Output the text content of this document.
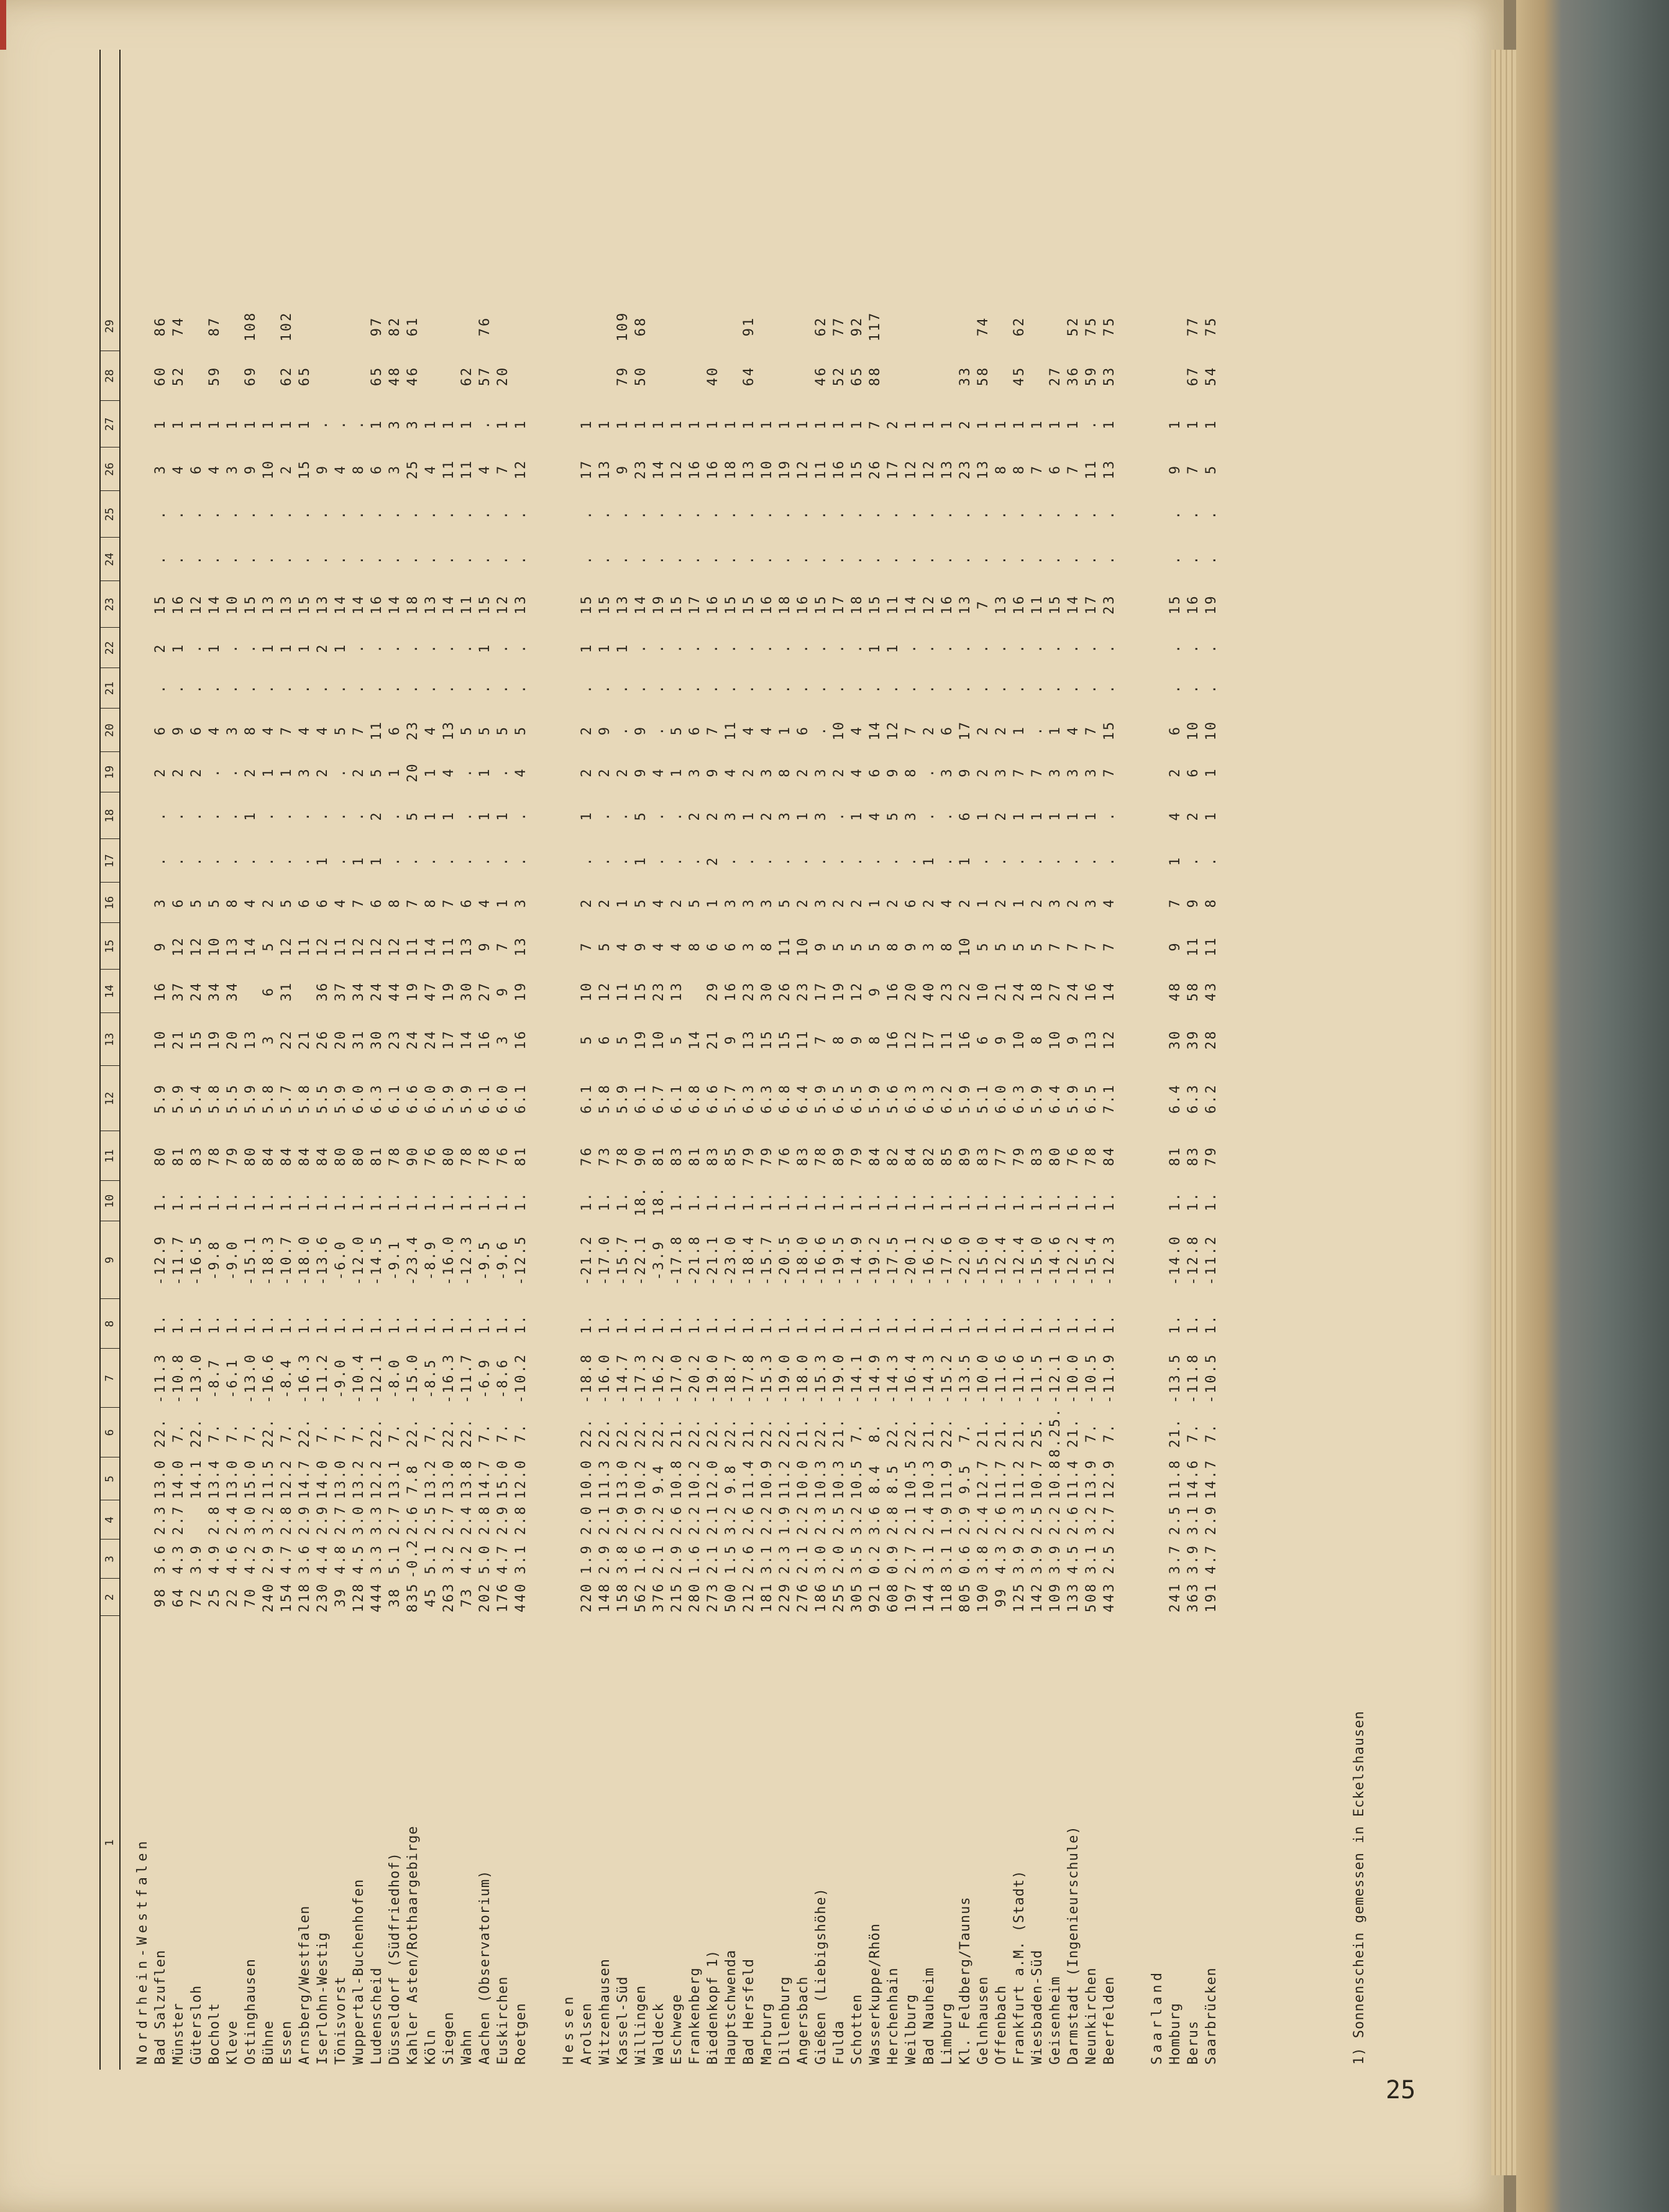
1
2
3
4
5
6
7
8
9
10
11
12
13
14
15
16
17
18
19
20
21
22
23
24
25
26
27
28
29
Nordrhein-Westfalen Bad Salzuflen
98
3.6
2.3
13.0
22.
-11.3
1.
-12.9
1.
80
5.9
10
16
9
3
.
.
2
6
.
2
15
.
.
3
1
60
86
Münster
64
4.3
2.7
14.0
7.
-10.8
1.
-11.7
1.
81
5.9
21
37
12
6
.
.
2
9
.
1
16
.
.
4
1
52
74
Gütersloh
72
3.9
14.1
22.
-13.0
1.
-16.5
1.
83
5.4
15
24
12
5
.
.
2
6
.
.
12
.
.
6
1
Bocholt
25
4.9
2.8
13.4
7.
-8.7
1.
-9.8
1.
78
5.8
19
34
10
5
.
.
.
4
.
1
14
.
.
4
1
59
87
Kleve
22
4.6
2.4
13.0
7.
-6.1
1.
-9.0
1.
79
5.5
20
34
13
8
.
.
.
3
.
.
10
.
.
3
1
Ostinghausen
70
4.2
3.0
15.0
7.
-13.0
1.
-15.1
1.
80
5.9
13
14
4
.
1
2
8
.
.
15
.
.
9
1
69
108
Bühne
240
2.9
3.2
11.5
22.
-16.6
1.
-18.3
1.
84
5.8
3
6
5
2
.
.
1
4
.
1
13
.
.
10
1
Essen
154
4.7
2.8
12.2
7.
-8.4
1.
-10.7
1.
84
5.7
22
31
12
5
.
.
1
7
.
1
13
.
.
2
1
62
102
Arnsberg/Westfalen
218
3.6
2.9
14.7
22.
-16.3
1.
-18.0
1.
84
5.8
21
11
6
.
.
3
4
.
1
15
.
.
15
1
65
Iserlohn-Westig
230
4.4
2.9
14.0
7.
-11.2
1.
-13.6
1.
84
5.5
26
36
12
6
1
.
2
4
.
2
13
.
.
9
.
Tönisvorst
39
4.8
2.7
13.0
7.
-9.0
1.
-6.0
1.
80
5.9
20
37
11
4
.
.
.
5
.
1
14
.
.
4
.
Wuppertal-Buchenhofen
128
4.5
3.0
13.2
7.
-10.4
1.
-12.0
1.
80
6.0
31
34
12
7
1
.
2
7
.
.
14
.
.
8
.
Ludenscheid
444
3.3
3.3
12.2
22.
-12.1
1.
-14.5
1.
81
6.3
30
24
12
6
1
2
5
11
.
.
16
.
.
6
1
65
97
Düsseldorf (Südfriedhof)
38
5.1
2.7
13.1
7.
-8.0
1.
-9.1
1.
78
6.1
23
44
12
8
.
.
1
6
.
.
14
.
.
3
3
48
82
Kahler Asten/Rothaargebirge
835
-0.2
2.6
7.8
22.
-15.0
1.
-23.4
1.
90
6.6
24
19
11
7
.
5
20
23
.
.
18
.
.
25
3
46
61
Köln
45
5.1
2.5
13.2
7.
-8.5
1.
-8.9
1.
76
6.0
24
47
14
8
.
1
1
4
.
.
13
.
.
4
1
Siegen
263
3.2
2.7
13.0
22.
-16.3
1.
-16.0
1.
80
5.9
17
19
11
7
.
1
4
13
.
.
14
.
.
11
1
Wahn
73
4.2
2.4
13.8
22.
-11.7
1.
-12.3
1.
78
5.9
14
30
13
6
.
.
.
5
.
.
11
.
.
11
1
62
Aachen (Observatorium)
202
5.0
2.8
14.7
7.
-6.9
1.
-9.5
1.
78
6.1
16
27
9
4
.
1
1
5
.
1
15
.
.
4
.
57
76
Euskirchen
176
4.7
2.9
15.0
7.
-8.6
1.
-9.6
1.
76
6.0
3
9
7
1
.
1
.
5
.
.
12
.
.
7
1
20
Roetgen
440
3.1
2.8
12.0
7.
-10.2
1.
-12.5
1.
81
6.1
16
19
13
3
.
.
4
5
.
.
13
.
.
12
1
Hessen Arolsen
220
1.9
2.0
10.0
22.
-18.8
1.
-21.2
1.
76
6.1
5
10
7
2
.
1
2
2
.
1
15
.
.
17
1
Witzenhausen
148
2.9
2.1
11.3
22.
-16.0
1.
-17.0
1.
73
5.8
6
12
5
2
.
.
2
9
.
1
15
.
.
13
1
Kassel-Süd
158
3.8
2.9
13.0
22.
-14.7
1.
-15.7
1.
78
5.9
5
11
4
1
.
.
2
.
.
1
13
.
.
9
1
79
109
Willingen
562
1.6
2.9
10.2
22.
-17.3
1.
-22.1
18.
90
6.1
19
15
9
5
1
5
9
9
.
.
14
.
.
23
1
50
68
Waldeck
376
2.1
2.2
9.4
22.
-16.2
1.
-3.9
18.
81
6.7
10
23
4
4
.
.
4
.
.
.
19
.
.
14
1
Eschwege
215
2.9
2.6
10.8
21.
-17.0
1.
-17.8
1.
83
6.1
5
13
4
2
.
.
1
5
.
.
15
.
.
12
1
Frankenberg
280
1.6
2.2
10.2
22.
-20.2
1.
-21.8
1.
81
6.8
14
8
5
.
2
3
6
.
.
17
.
.
16
1
Biedenkopf 1)
273
2.1
2.1
12.0
22.
-19.0
1.
-21.1
1.
83
6.6
21
29
6
1
2
2
9
7
.
.
16
.
.
16
1
40
Hauptschwenda
500
1.5
3.2
9.8
22.
-18.7
1.
-23.0
1.
85
5.7
9
16
6
3
.
3
4
11
.
.
15
.
.
18
1
Bad Hersfeld
212
2.6
2.6
11.4
21.
-17.8
1.
-18.4
1.
79
6.3
13
23
3
3
.
1
2
4
.
.
15
.
.
13
1
64
91
Marburg
181
3.1
2.2
10.9
22.
-15.3
1.
-15.7
1.
79
6.3
15
30
8
3
.
2
3
4
.
.
16
.
.
10
1
Dillenburg
229
2.3
1.9
11.2
22.
-19.0
1.
-20.5
1.
76
6.8
15
26
11
5
.
3
8
1
.
.
18
.
.
19
1
Angersbach
276
2.1
2.2
10.0
21.
-18.0
1.
-18.0
1.
83
6.4
11
23
10
2
.
1
2
6
.
.
16
.
.
12
1
Gießen (Liebigshöhe)
186
3.0
2.3
10.3
22.
-15.3
1.
-16.6
1.
78
5.9
7
17
9
3
.
3
3
.
.
.
15
.
.
11
1
46
62
Fulda
255
2.0
2.5
10.3
21.
-19.0
1.
-19.5
1.
89
6.5
8
19
5
2
.
.
2
10
.
.
17
.
.
16
1
52
77
Schotten
305
3.5
3.2
10.5
7.
-14.1
1.
-14.9
1.
79
6.5
9
12
5
2
.
1
4
4
.
.
18
.
.
15
1
65
92
Wasserkuppe/Rhön
921
0.2
3.6
8.4
8.
-14.9
1.
-19.2
1.
84
5.9
8
9
5
1
.
4
6
14
.
1
15
.
.
26
7
88
117
Herchenhain
608
0.9
2.8
8.5
22.
-14.3
1.
-17.5
1.
82
5.6
16
16
8
2
.
5
9
12
.
1
11
.
.
17
2
Weilburg
197
2.7
2.1
10.5
22.
-16.4
1.
-20.1
1.
84
6.3
12
20
9
6
.
3
8
7
.
.
14
.
.
12
1
Bad Nauheim
144
3.1
2.4
10.3
21.
-14.3
1.
-16.2
1.
82
6.3
17
40
3
2
1
.
.
2
.
.
12
.
.
12
1
Limburg
118
3.1
1.9
11.9
22.
-15.2
1.
-17.6
1.
85
6.2
11
23
8
4
.
.
3
6
.
.
16
.
.
13
1
Kl. Feldberg/Taunus
805
0.6
2.9
9.5
7.
-13.5
1.
-22.0
1.
89
5.9
16
22
10
2
1
6
9
17
.
.
13
.
.
23
2
33
Gelnhausen
190
3.8
2.4
12.7
21.
-10.0
1.
-15.0
1.
83
5.1
6
10
5
1
.
1
2
2
.
.
7
.
.
13
1
58
74
Offenbach
99
4.3
2.6
11.7
21.
-11.6
1.
-12.4
1.
77
6.0
9
21
5
2
.
2
3
2
.
.
13
.
.
8
1
Frankfurt a.M. (Stadt)
125
3.9
2.3
11.2
21.
-11.6
1.
-12.4
1.
79
6.3
10
24
5
1
.
1
7
1
.
.
16
.
.
8
1
45
62
Wiesbaden-Süd
142
3.9
2.5
10.7
25.
-11.5
1.
-15.0
1.
83
5.9
8
18
5
2
.
1
7
.
.
.
11
.
.
7
1
Geisenheim
109
3.9
2.2
10.8
8.25.
-12.1
1.
-14.6
1.
80
6.4
10
27
7
3
.
1
3
1
.
.
15
.
.
6
1
27
Darmstadt (Ingenieurschule)
133
4.5
2.6
11.4
21.
-10.0
1.
-12.2
1.
76
5.9
9
24
7
2
.
1
3
4
.
.
14
.
.
7
1
36
52
Neunkirchen
508
3.1
3.2
13.9
7.
-10.5
1.
-15.4
1.
78
6.5
13
16
7
3
.
1
3
7
.
.
17
.
.
11
.
59
75
Beerfelden
443
2.5
2.7
12.9
7.
-11.9
1.
-12.3
1.
84
7.1
12
14
7
4
.
.
7
15
.
.
23
.
.
13
1
53
75
Saarland Homburg
241
3.7
2.5
11.8
21.
-13.5
1.
-14.0
1.
81
6.4
30
48
9
7
1
4
2
6
.
.
15
.
.
9
1
Berus
363
3.9
3.1
14.6
7.
-11.8
1.
-12.8
1.
83
6.3
39
58
11
9
.
2
6
10
.
.
16
.
.
7
1
67
77
Saarbrücken
191
4.7
2.9
14.7
7.
-10.5
1.
-11.2
1.
79
6.2
28
43
11
8
.
1
1
10
.
.
19
.
.
5
1
54
75
1) Sonnenschein gemessen in Eckelshausen
25
